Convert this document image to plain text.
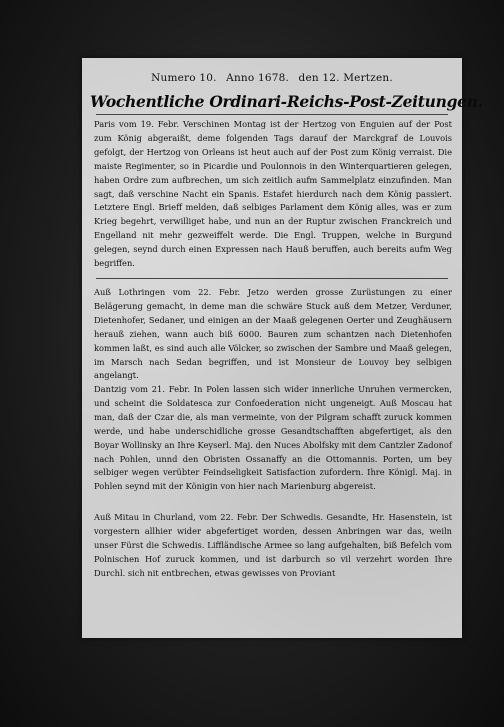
Numero 10. Anno 1678. den 12. Mertzen.
Wochentliche Ordinari-Reichs-Post-Zeitungen.
Paris vom 19. Febr. Verschinen Montag ist der Hertzog von Enguien auf der Post zum König abgeraißt, deme folgenden Tags darauf der Marckgraf de Louvois gefolgt, der Hertzog von Orleans ist heut auch auf der Post zum König verraist. Die maiste Regimenter, so in Picardie und Poulonnois in den Winterquartieren gelegen, haben Ordre zum aufbrechen, um sich zeitlich aufm Sammelplatz einzufinden. Man sagt, daß verschine Nacht ein Spanis. Estafet hierdurch nach dem König passiert. Letztere Engl. Brieff melden, daß selbiges Parlament dem König alles, was er zum Krieg begehrt, verwilliget habe, und nun an der Ruptur zwischen Franckreich und Engelland nit mehr gezweiffelt werde. Die Engl. Truppen, welche in Burgund gelegen, seynd durch einen Expressen nach Hauß beruffen, auch bereits aufm Weg begriffen.
Auß Lothringen vom 22. Febr. Jetzo werden grosse Zurüstungen zu einer Belägerung gemacht, in deme man die schwäre Stuck auß dem Metzer, Verduner, Dietenhofer, Sedaner, und einigen an der Maaß gelegenen Oerter und Zeughäusern herauß ziehen, wann auch biß 6000. Bauren zum schantzen nach Dietenhofen kommen laßt, es sind auch alle Völcker, so zwischen der Sambre und Maaß gelegen, im Marsch nach Sedan begriffen, und ist Monsieur de Louvoy bey selbigen angelangt.
Dantzig vom 21. Febr. In Polen lassen sich wider innerliche Unruhen vermercken, und scheint die Soldatesca zur Confoederation nicht ungeneigt. Auß Moscau hat man, daß der Czar die, als man vermeinte, von der Pilgram schafft zuruck kommen werde, und habe underschidliche grosse Gesandtschafften abgefertiget, als den Boyar Wollinsky an Ihre Keyserl. Maj. den Nuces Abolfsky mit dem Cantzler Zadonof nach Pohlen, unnd den Obristen Ossanaffy an die Ottomannis. Porten, um bey selbiger wegen verübter Feindseligkeit Satisfaction zufordern. Ihre Königl. Maj. in Pohlen seynd mit der Königin von hier nach Marienburg abgereist.
Auß Mitau in Churland, vom 22. Febr. Der Schwedis. Gesandte, Hr. Hasenstein, ist vorgestern allhier wider abgefertiget worden, dessen Anbringen war das, weiln unser Fürst die Schwedis. Liffländische Armee so lang aufgehalten, biß Befelch vom Polnischen Hof zuruck kommen, und ist darburch so vil verzehrt worden Ihre Durchl. sich nit entbrechen, etwas gewisses von Proviant
